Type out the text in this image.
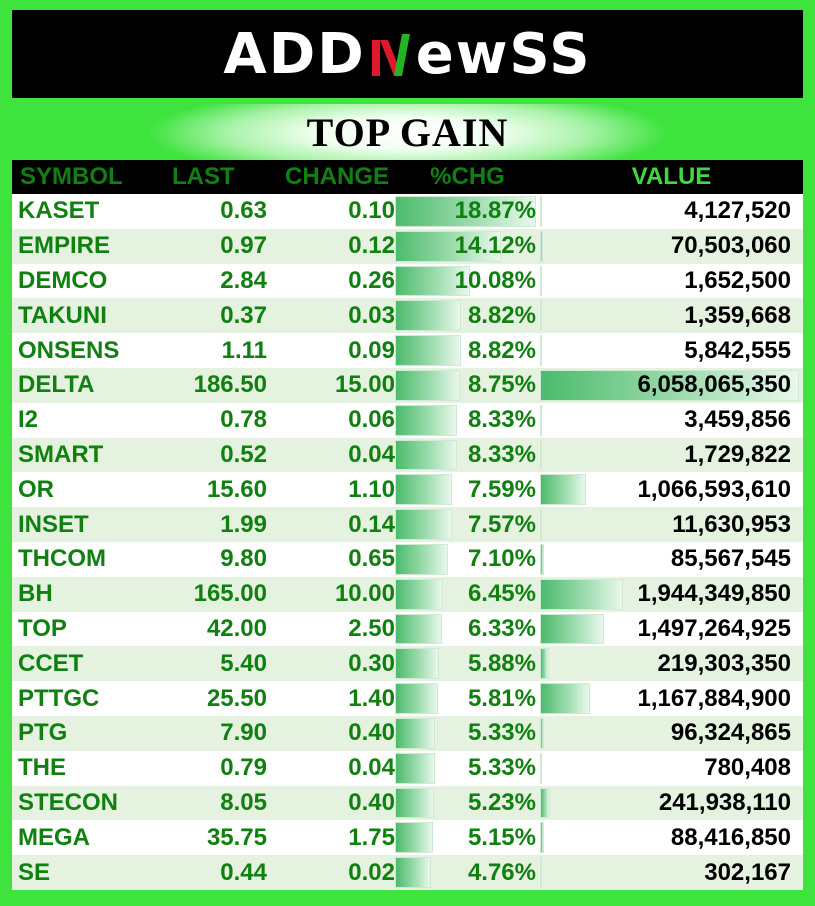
ADD ewSS
TOP GAIN
SYMBOL	LAST	CHANGE	%CHG	VALUE
KASET	0.63	0.10 18.87%	4,127,520
EMPIRE	0.97	0.12 14.12%	70,503,060
DEMCO	2.84	0.26 10.08%	1,652,500
TAKUNI	0.37	0.03	8.82%	1,359,668
ONSENS	1.11	0.09	8.82%	5,842,555
DELTA	186.50	15.00	8.75%	6,058,065,350
I2	0.78	0.06	8.33%	3,459,856
SMART	0.52	0.04	8.33%	1,729,822
OR	15.60	1.10	7.59%	1,066,593,610
INSET	1.99	0.14	7.57%	11,630,953
THCOM	9.80	0.65	7.10%	85,567,545
BH	165.00	10.00	6.45%	1,944,349,850
TOP	42.00	2.50	6.33%	1,497,264,925
CCET	5.40	0.30	5.88%	219,303,350
PTTGC	25.50	1.40	5.81%	1,167,884,900
PTG	7.90	0.40	5.33%	96,324,865
THE	0.79	0.04	5.33%	780,408
STECON	8.05	0.40	5.23%	241,938,110
MEGA	35.75	1.75	5.15%	88,416,850
SE	0.44	0.02	4.76%	302,167
